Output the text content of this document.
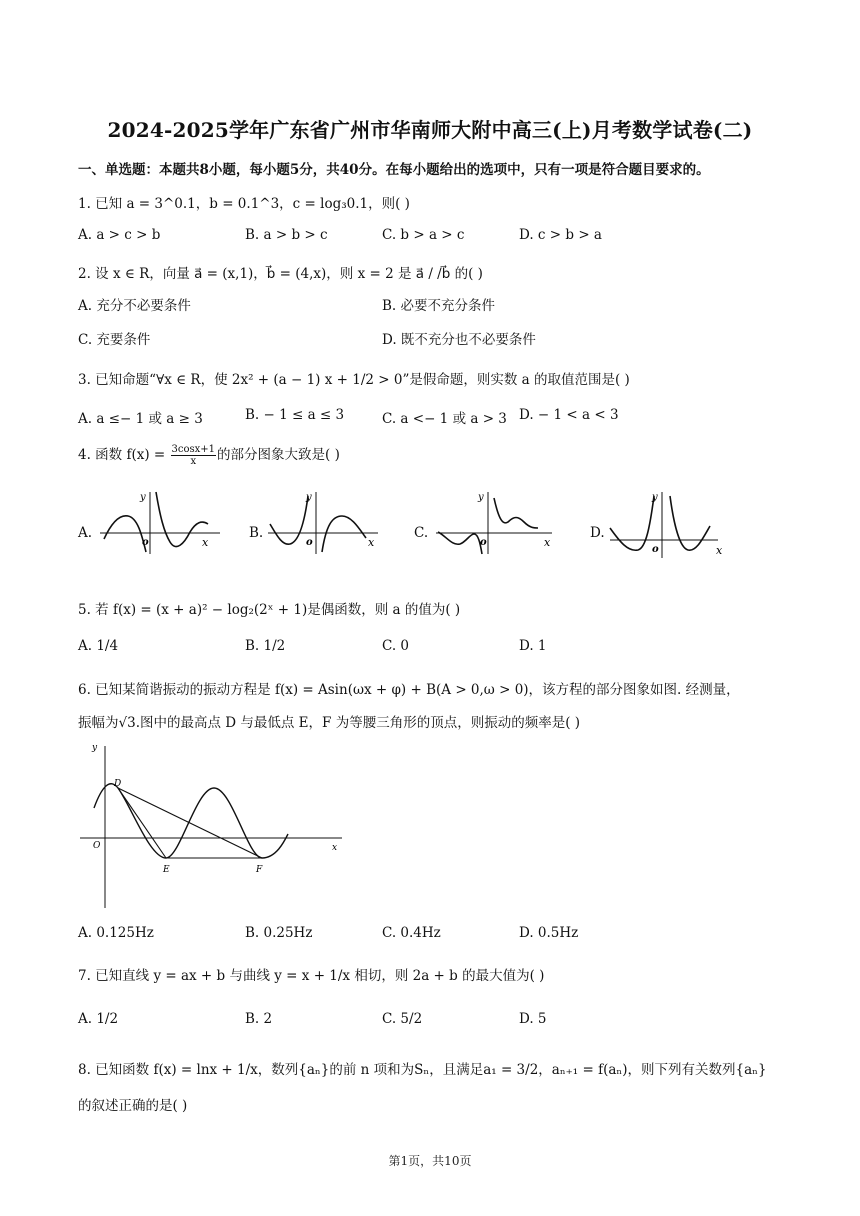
2024-2025学年广东省广州市华南师大附中高三(上)月考数学试卷(二)
一、单选题：本题共8小题，每小题5分，共40分。在每小题给出的选项中，只有一项是符合题目要求的。
1. 已知 a = 3^0.1，b = 0.1^3，c = log₃0.1，则( )
A. a > c > b	B. a > b > c	C. b > a > c	D. c > b > a
2. 设 x ∈ R，向量 a⃗ = (x,1)，b⃗ = (4,x)，则 x = 2 是 a⃗ / /b⃗ 的( )
A. 充分不必要条件	B. 必要不充分条件
C. 充要条件	D. 既不充分也不必要条件
3. 已知命题“∀x ∈ R，使 2x² + (a − 1) x + 1/2 > 0”是假命题，则实数 a 的取值范围是( )
A. a ≤− 1 或 a ≥ 3	B. − 1 ≤ a ≤ 3	C. a <− 1 或 a > 3 D. − 1 < a < 3
4. 函数 $f(x) = \frac{3\cos x+1}{x}$ 的部分图象大致是( )
A.	B.	C.	D.
y
o	x
y
o	x
y
o	x
y
o	x
5. 若 f(x) = (x + a)² − log₂(2ˣ + 1)是偶函数，则 a 的值为( )
A. 1/4	B. 1/2	C. 0	D. 1
6. 已知某简谐振动的振动方程是 f(x) = Asin(ωx + φ) + B(A > 0,ω > 0)，该方程的部分图象如图. 经测量，
振幅为√3.图中的最高点 D 与最低点 E，F 为等腰三角形的顶点，则振动的频率是( )
y
x
O
D
E	F
A. 0.125Hz	B. 0.25Hz	C. 0.4Hz	D. 0.5Hz
7. 已知直线 y = ax + b 与曲线 y = x + 1/x 相切，则 2a + b 的最大值为( )
A. 1/2	B. 2	C. 5/2	D. 5
8. 已知函数 f(x) = lnx + 1/x，数列{aₙ}的前 n 项和为Sₙ，且满足a₁ = 3/2，aₙ₊₁ = f(aₙ)，则下列有关数列{aₙ}
的叙述正确的是( )
第1页，共10页
